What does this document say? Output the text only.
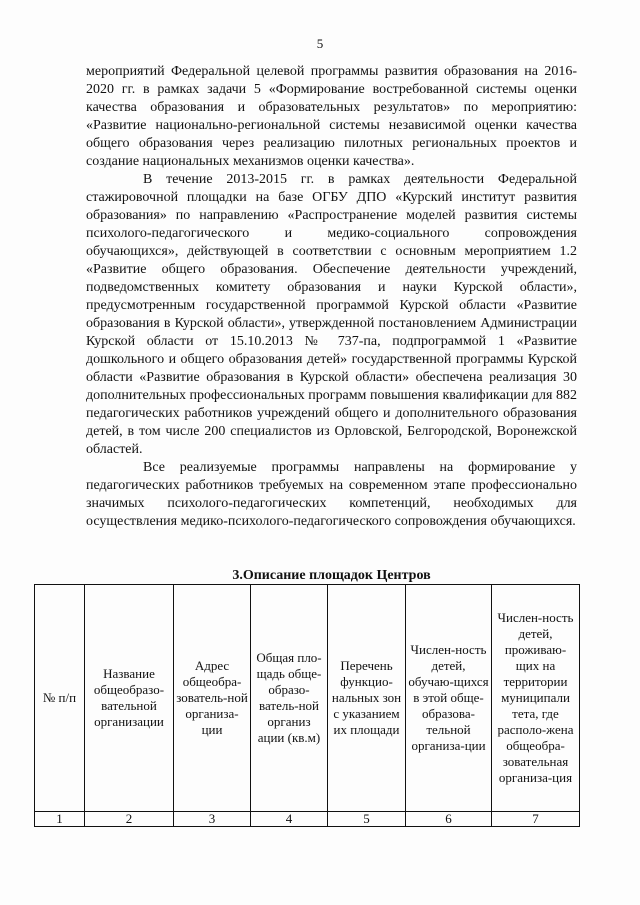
5

мероприятий Федеральной целевой программы развития образования на 2016-2020 гг. в рамках задачи 5 «Формирование востребованной системы оценки качества образования и образовательных результатов» по мероприятию: «Развитие национально-региональной системы независимой оценки качества общего образования через реализацию пилотных региональных проектов и создание национальных механизмов оценки качества».

В течение 2013-2015 гг. в рамках деятельности Федеральной стажировочной площадки на базе ОГБУ ДПО «Курский институт развития образования» по направлению «Распространение моделей развития системы психолого-педагогического и медико-социального сопровождения обучающихся», действующей в соответствии с основным мероприятием 1.2 «Развитие общего образования. Обеспечение деятельности учреждений, подведомственных комитету образования и науки Курской области», предусмотренным государственной программой Курской области «Развитие образования в Курской области», утвержденной постановлением Администрации Курской области от 15.10.2013 № 737-па, подпрограммой 1 «Развитие дошкольного и общего образования детей» государственной программы Курской области «Развитие образования в Курской области» обеспечена реализация 30 дополнительных профессиональных программ повышения квалификации для 882 педагогических работников учреждений общего и дополнительного образования детей, в том числе 200 специалистов из Орловской, Белгородской, Воронежской областей.

Все реализуемые программы направлены на формирование у педагогических работников требуемых на современном этапе профессионально значимых психолого-педагогических компетенций, необходимых для осуществления медико-психолого-педагогического сопровождения обучающихся.

3.Описание площадок Центров
№ п/п	Название общеобразо-вательной организации	Адрес общеобра-зователь-ной организа-ции	Общая пло-щадь обще-образо-ватель-ной организ ации (кв.м)	Перечень функцио-нальных зон с указанием их площади	Числен-ность детей, обучаю-щихся в этой обще-образова-тельной организа-ции	Числен-ность детей, проживаю-щих на территории муниципали тета, где располо-жена общеобра-зовательная организа-ция
1	2	3	4	5	6	7
